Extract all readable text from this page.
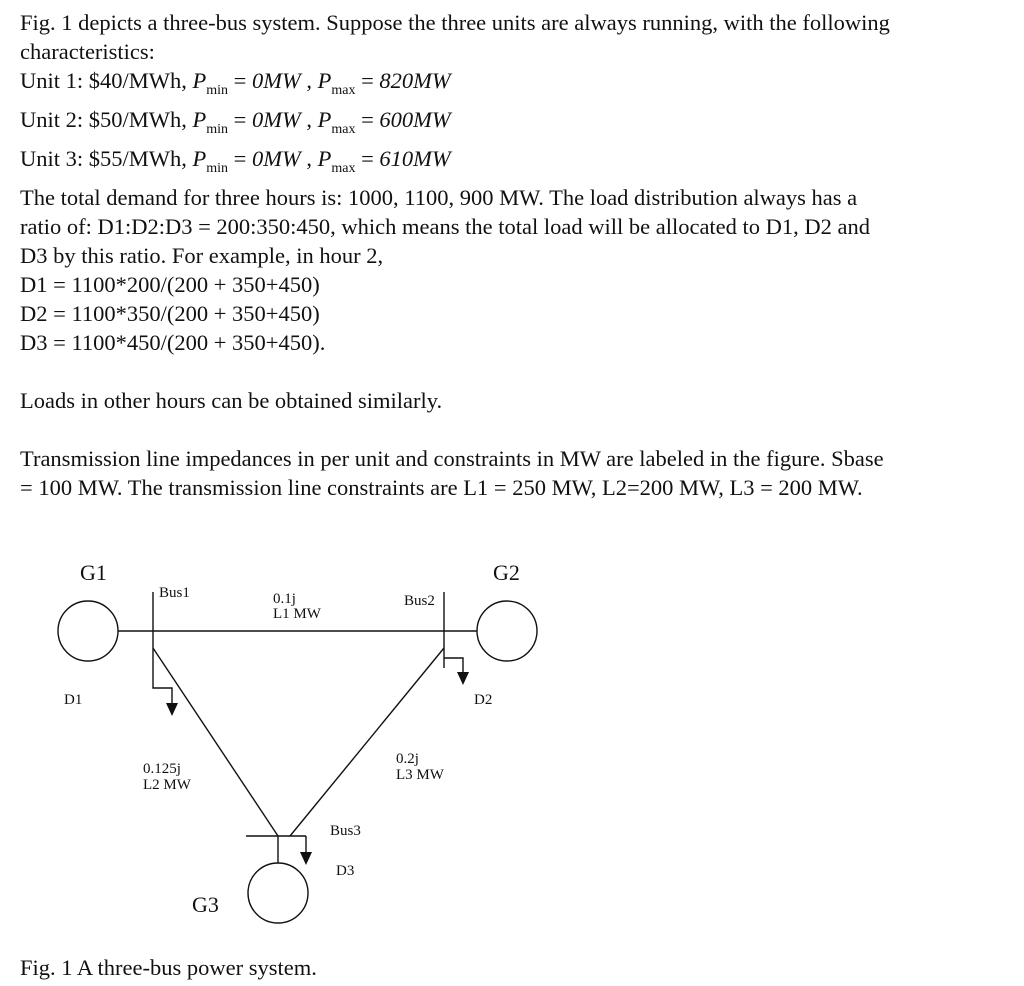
Fig. 1 depicts a three-bus system. Suppose the three units are always running, with the following
characteristics:
Unit 1: $40/MWh, $P_{min} = 0MW$ , $P_{max} = 820MW$
Unit 2: $50/MWh, $P_{min} = 0MW$ , $P_{max} = 600MW$
Unit 3: $55/MWh, $P_{min} = 0MW$ , $P_{max} = 610MW$
The total demand for three hours is: 1000, 1100, 900 MW. The load distribution always has a
ratio of: D1:D2:D3 = 200:350:450, which means the total load will be allocated to D1, D2 and
D3 by this ratio. For example, in hour 2,
D1 = 1100*200/(200 + 350+450)
D2 = 1100*350/(200 + 350+450)
D3 = 1100*450/(200 + 350+450).
Loads in other hours can be obtained similarly.
Transmission line impedances in per unit and constraints in MW are labeled in the figure. Sbase
= 100 MW. The transmission line constraints are L1 = 250 MW, L2=200 MW, L3 = 200 MW.
G1	G2
G3
Bus1	Bus2
Bus3
D1	D2
D3
0.1j
L1 MW
0.125j
L2 MW
0.2j
L3 MW
Fig. 1 A three-bus power system.
